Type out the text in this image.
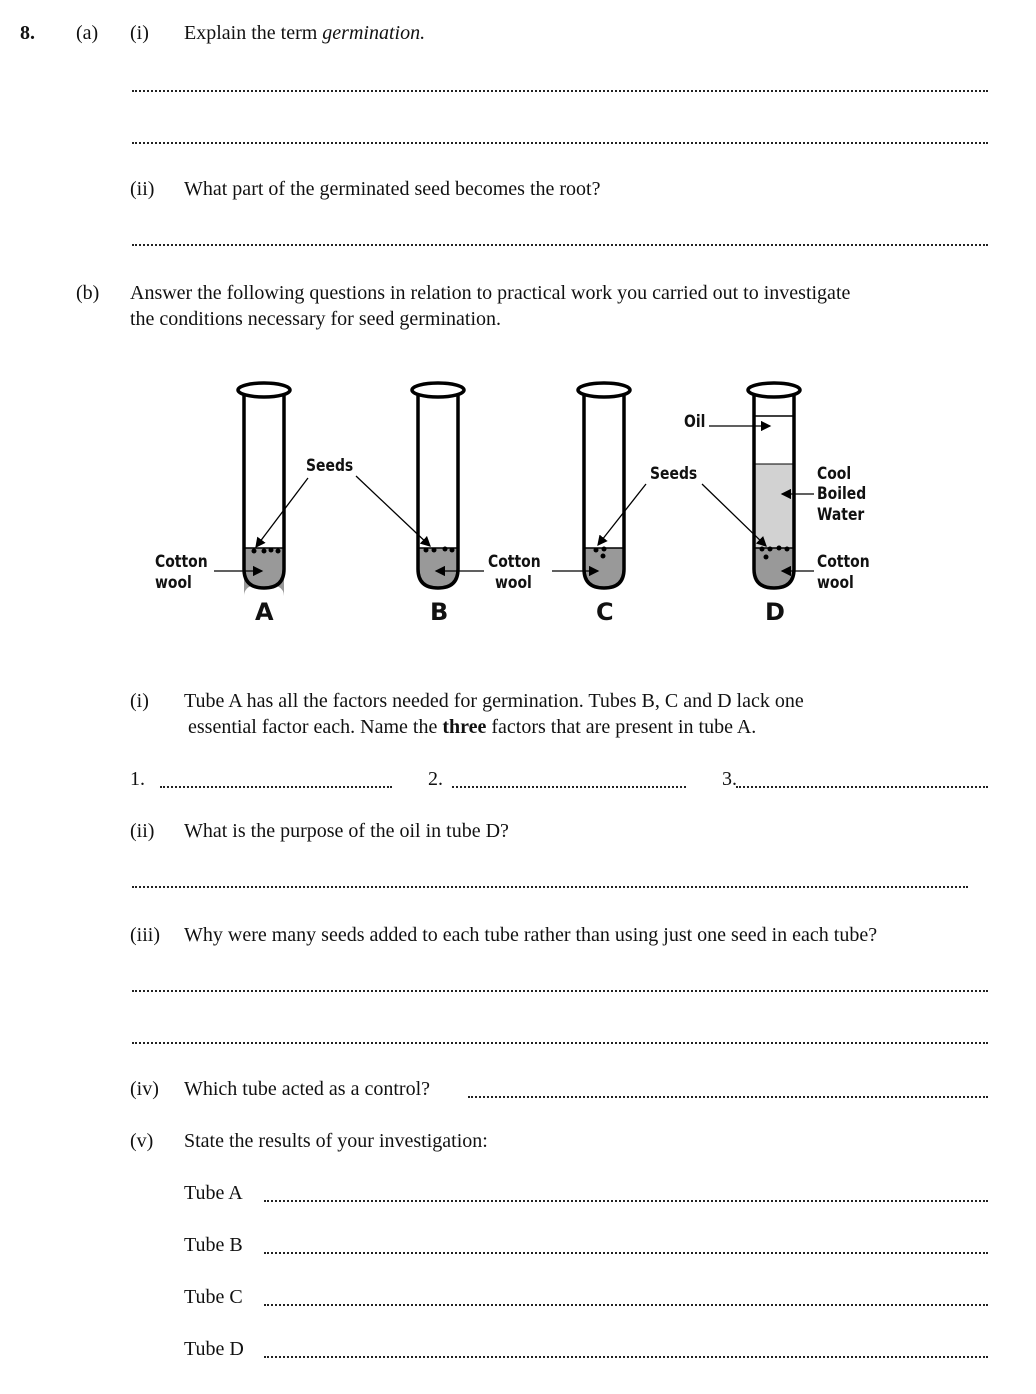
8. (a) (i) Explain the term germination.
(ii) What part of the germinated seed becomes the root?
(b) Answer the following questions in relation to practical work you carried out to investigate
the conditions necessary for seed germination.
Seeds
Cotton
wool
Cotton
wool
Seeds
Oil
Cool
Boiled
Water
Cotton
wool
A	B	C	D
(i) Tube A has all the factors needed for germination. Tubes B, C and D lack one
essential factor each. Name the three factors that are present in tube A.
1.	2.	3.
(ii) What is the purpose of the oil in tube D?
(iii) Why were many seeds added to each tube rather than using just one seed in each tube?
(iv) Which tube acted as a control?
(v) State the results of your investigation:
Tube A
Tube B
Tube C
Tube D
